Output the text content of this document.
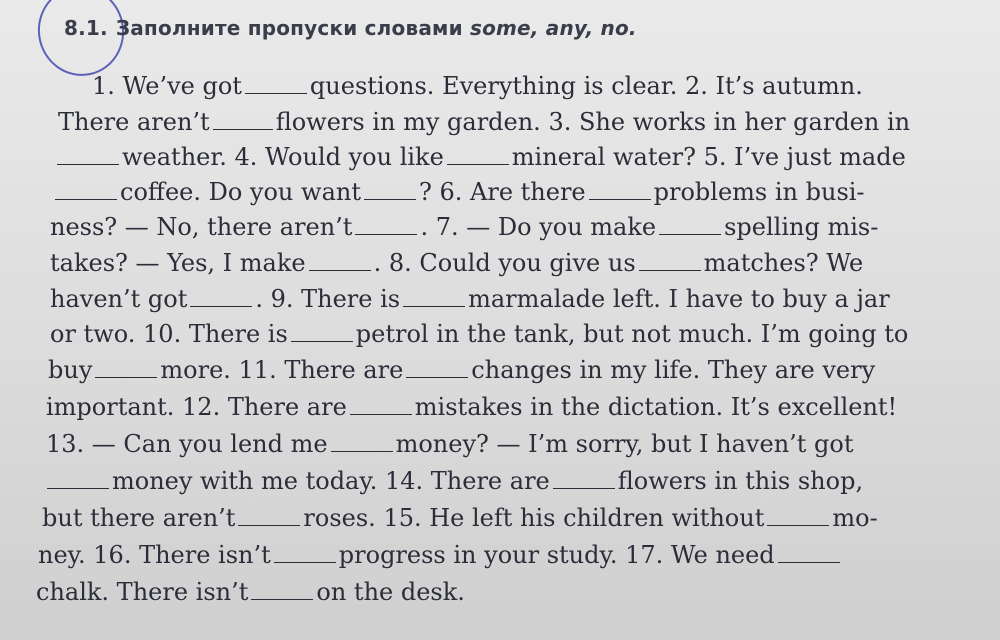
8.1. Заполните пропуски словами some, any, no.
1. We’ve got	questions. Everything is clear. 2. It’s autumn.
There aren’t	flowers in my garden. 3. She works in her garden in
weather. 4. Would you like	mineral water? 5. I’ve just made
coffee. Do you want ? 6. Are there	problems in busi-
ness? — No, there aren’t	. 7. — Do you make	spelling mis-
takes? — Yes, I make	. 8. Could you give us	matches? We
haven’t got	. 9. There is	marmalade left. I have to buy a jar
or two. 10. There is	petrol in the tank, but not much. I’m going to
buy	more. 11. There are	changes in my life. They are very
important. 12. There are	mistakes in the dictation. It’s excellent!
13. — Can you lend me	money? — I’m sorry, but I haven’t got
money with me today. 14. There are	flowers in this shop,
but there aren’t	roses. 15. He left his children without	mo-
ney. 16. There isn’t	progress in your study. 17. We need
chalk. There isn’t	on the desk.
